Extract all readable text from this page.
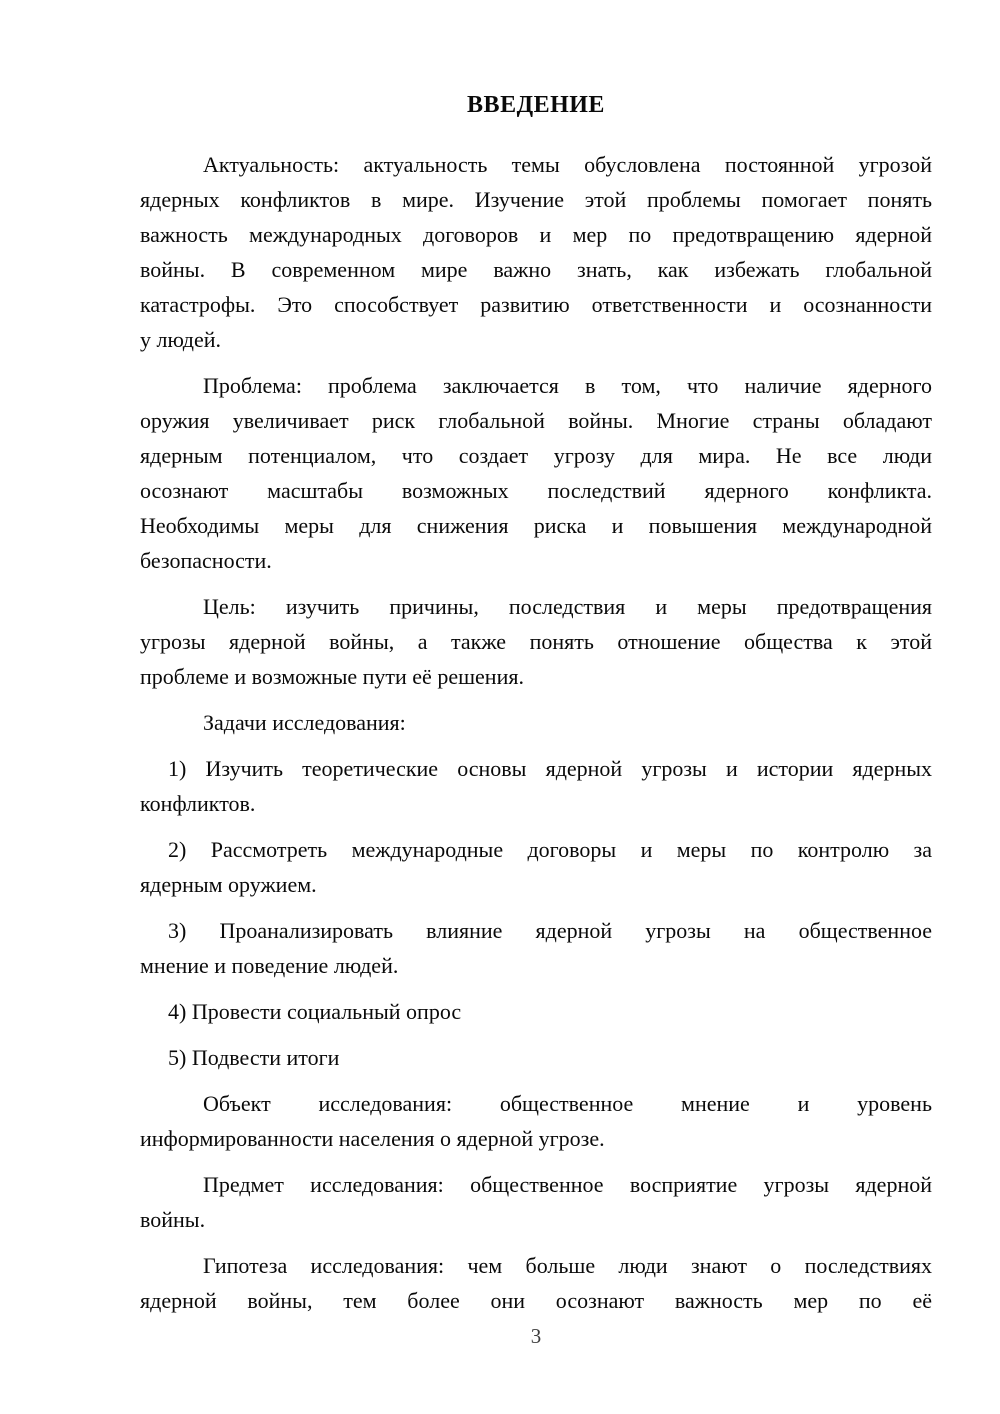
ВВЕДЕНИЕ
Актуальность: актуальность темы обусловлена постоянной угрозой
ядерных конфликтов в мире. Изучение этой проблемы помогает понять
важность международных договоров и мер по предотвращению ядерной
войны. В современном мире важно знать, как избежать глобальной
катастрофы. Это способствует развитию ответственности и осознанности
у людей.
Проблема: проблема заключается в том, что наличие ядерного
оружия увеличивает риск глобальной войны. Многие страны обладают
ядерным потенциалом, что создает угрозу для мира. Не все люди
осознают масштабы возможных последствий ядерного конфликта.
Необходимы меры для снижения риска и повышения международной
безопасности.
Цель: изучить причины, последствия и меры предотвращения
угрозы ядерной войны, а также понять отношение общества к этой
проблеме и возможные пути её решения.
Задачи исследования:
1) Изучить теоретические основы ядерной угрозы и истории ядерных
конфликтов.
2) Рассмотреть международные договоры и меры по контролю за
ядерным оружием.
3) Проанализировать влияние ядерной угрозы на общественное
мнение и поведение людей.
4) Провести социальный опрос
5) Подвести итоги
Объект исследования: общественное мнение и уровень
информированности населения о ядерной угрозе.
Предмет исследования: общественное восприятие угрозы ядерной
войны.
Гипотеза исследования: чем больше люди знают о последствиях
ядерной войны, тем более они осознают важность мер по её
3
